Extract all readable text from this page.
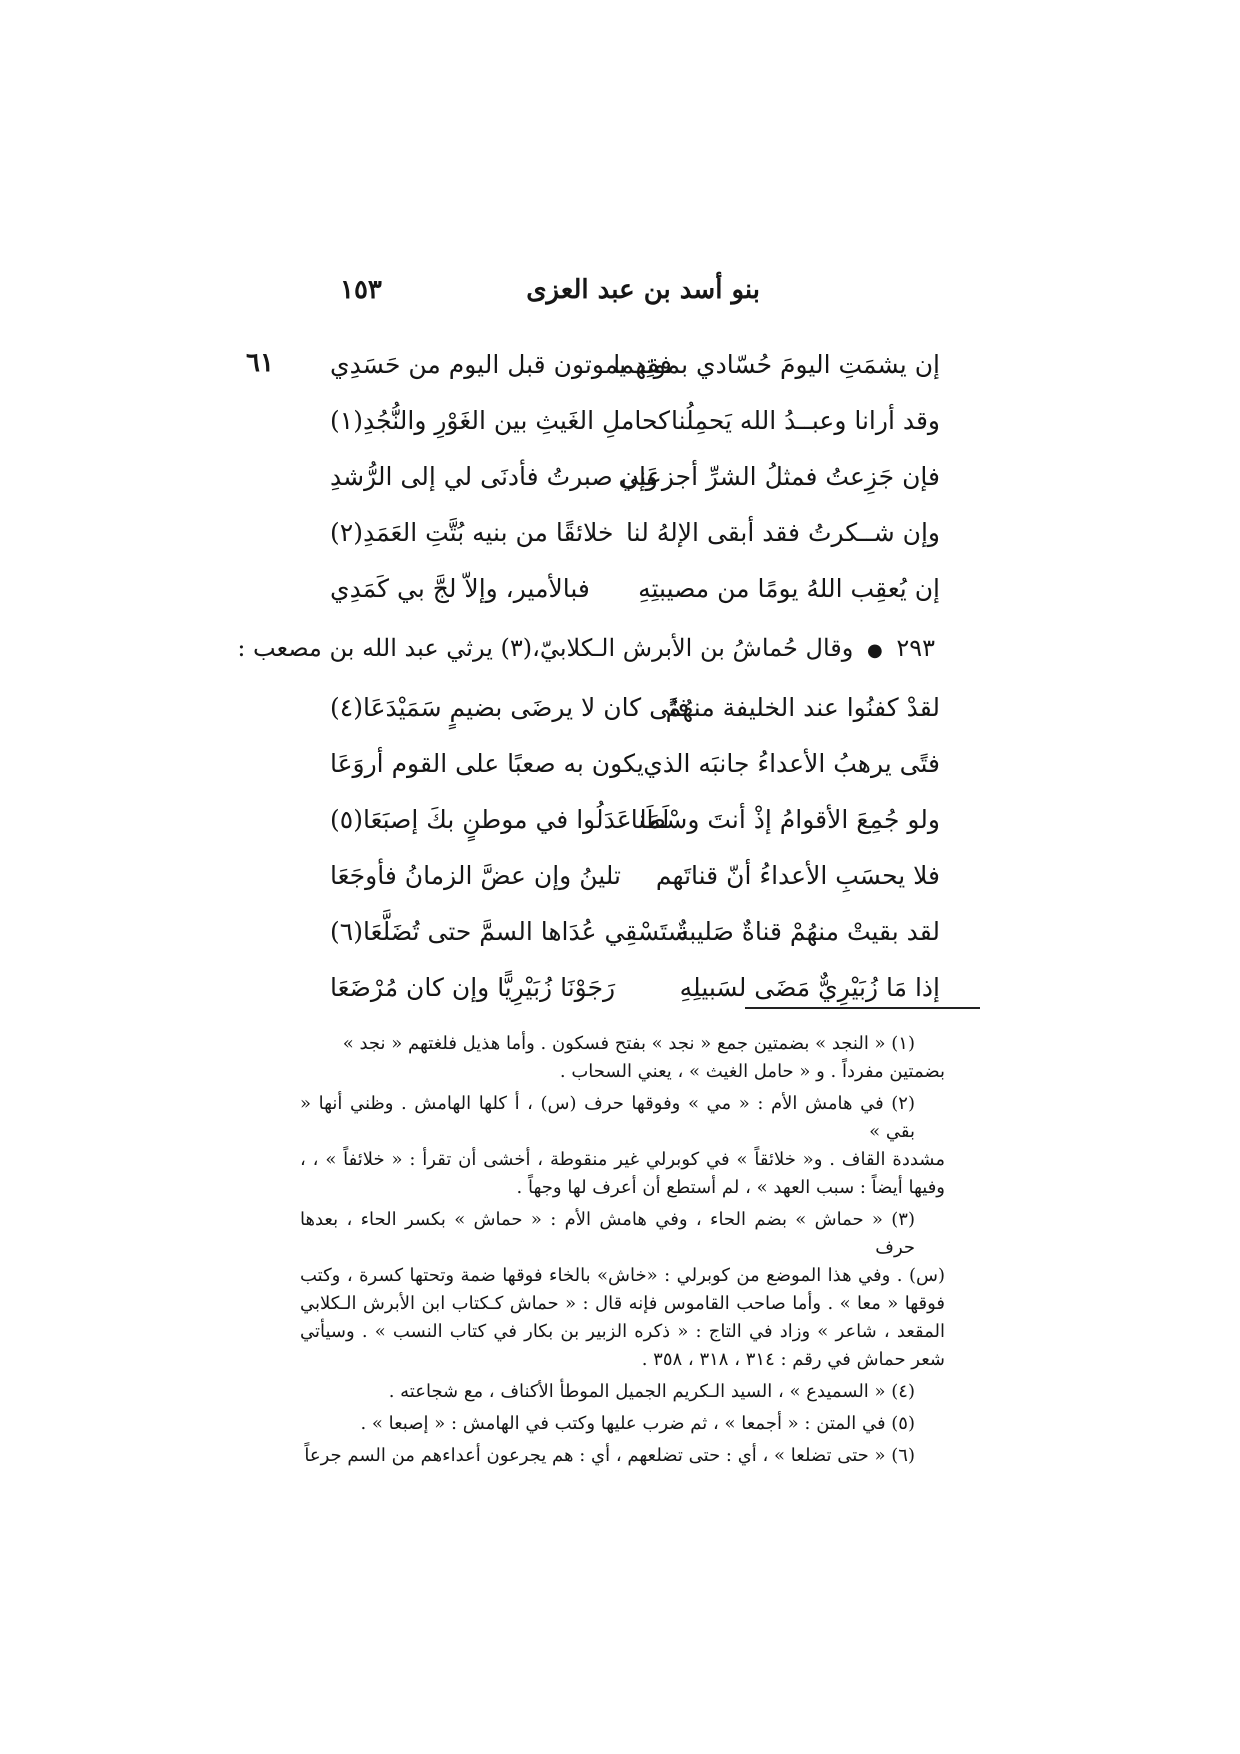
بنو أسد بن عبد العزى
١٥٣
٦١	إن يشمَتِ اليومَ حُسّادي بموتِهما
فقد يموتون قبل اليوم من حَسَدِي
وقد أرانا وعبــدُ الله يَحمِلُنا
كحاملِ الغَيثِ بين الغَوْرِ والنُّجُدِ(١)
فإن جَزِعتُ فمثلُ الشرِّ أجزعَني
وإن صبرتُ فأدنَى لي إلى الرُّشدِ
وإن شــكرتُ فقد أبقى الإلهُ لنا
خلائقًا من بنيه بُتَّتِ العَمَدِ(٢)
إن يُعقِب اللهُ يومًا من مصيبتِهِ
فبالأمير، وإلاّ لجَّ بي كَمَدِي
٢٩٣ ● وقال حُماشُ بن الأبرش الـكلابيّ،(٣) يرثي عبد الله بن مصعب :
لقدْ كفنُوا عند الخليفة منهُمُ
فتًى كان لا يرضَى بضيمٍ سَمَيْدَعَا(٤)
فتًى يرهبُ الأعداءُ جانبَه الذي
يكون به صعبًا على القوم أروَعَا
ولو جُمِعَ الأقوامُ إذْ أنتَ وسْطَنا
لَمَا عَدَلُوا في موطنٍ بكَ إصبَعَا(٥)
فلا يحسَبِ الأعداءُ أنّ قناتَهم
تلينُ وإن عضَّ الزمانُ فأوجَعَا
لقد بقيتْ منهُمْ قناةٌ صَليبةٌ
ستَسْقِي عُدَاها السمَّ حتى تُضَلَّعَا(٦)
إذا مَا زُبَيْرِيٌّ مَضَى لسَبيلِهِ
رَجَوْنَا زُبَيْرِيًّا وإن كان مُرْضَعَا

(١) « النجد » بضمتين جمع « نجد » بفتح فسكون . وأما هذيل فلغتهم « نجد »
بضمتين مفرداً . و « حامل الغيث » ، يعني السحاب .

(٢) في هامش الأم : « مي » وفوقها حرف (س) ، أ كلها الهامش . وظني أنها « بقي »
مشددة القاف . و« خلائقاً » في كوبرلي غير منقوطة ، أخشى أن تقرأ : « خلائفاً » ، ، وفيها أيضاً : سبب العهد » ، لم أستطع أن أعرف لها وجهاً .

(٣) « حماش » بضم الحاء ، وفي هامش الأم : « حماش » بكسر الحاء ، بعدها حرف
(س) . وفي هذا الموضع من كوبرلي : «خاش» بالخاء فوقها ضمة وتحتها كسرة ، وكتب فوقها « معا » . وأما صاحب القاموس فإنه قال : « حماش كـكتاب ابن الأبرش الـكلابي المقعد ، شاعر » وزاد في التاج : « ذكره الزبير بن بكار في كتاب النسب » . وسيأتي شعر حماش في رقم : ٣١٤ ، ٣١٨ ، ٣٥٨ .

(٤) « السميدع » ، السيد الـكريم الجميل الموطأ الأكناف ، مع شجاعته .

(٥) في المتن : « أجمعا » ، ثم ضرب عليها وكتب في الهامش : « إصبعا » .

(٦) « حتى تضلعا » ، أي : حتى تضلعهم ، أي : هم يجرعون أعداءهم من السم جرعاً
